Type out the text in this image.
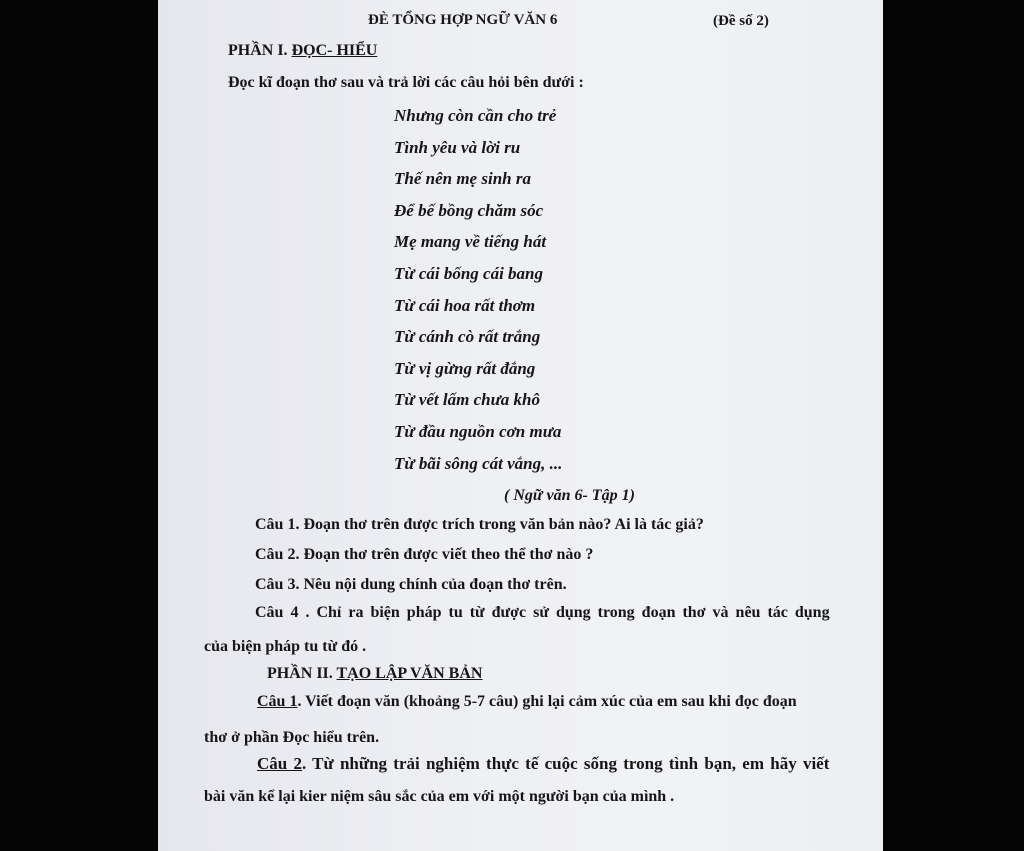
ĐÈ TỔNG HỢP NGỮ VĂN 6	(Đề số 2)
PHẦN I. ĐỌC- HIỂU
Đọc kĩ đoạn thơ sau và trả lời các câu hỏi bên dưới :
Nhưng còn cần cho trẻ
Tình yêu và lời ru
Thế nên mẹ sinh ra
Để bế bồng chăm sóc
Mẹ mang về tiếng hát
Từ cái bống cái bang
Từ cái hoa rất thơm
Từ cánh cò rất trắng
Từ vị gừng rất đắng
Từ vết lấm chưa khô
Từ đầu nguồn cơn mưa
Từ bãi sông cát vắng, ...
( Ngữ văn 6- Tập 1)
Câu 1. Đoạn thơ trên được trích trong văn bản nào? Ai là tác giả?
Câu 2. Đoạn thơ trên được viết theo thể thơ nào ?
Câu 3. Nêu nội dung chính của đoạn thơ trên.
Câu 4 . Chỉ ra biện pháp tu từ được sử dụng trong đoạn thơ và nêu tác dụng
của biện pháp tu từ đó .
PHẦN II. TẠO LẬP VĂN BẢN
Câu 1. Viết đoạn văn (khoảng 5-7 câu) ghi lại cảm xúc của em sau khi đọc đoạn
thơ ở phần Đọc hiểu trên.
Câu 2. Từ những trải nghiệm thực tế cuộc sống trong tình bạn, em hãy viết
bài văn kể lại kier niệm sâu sắc của em với một người bạn của mình .
